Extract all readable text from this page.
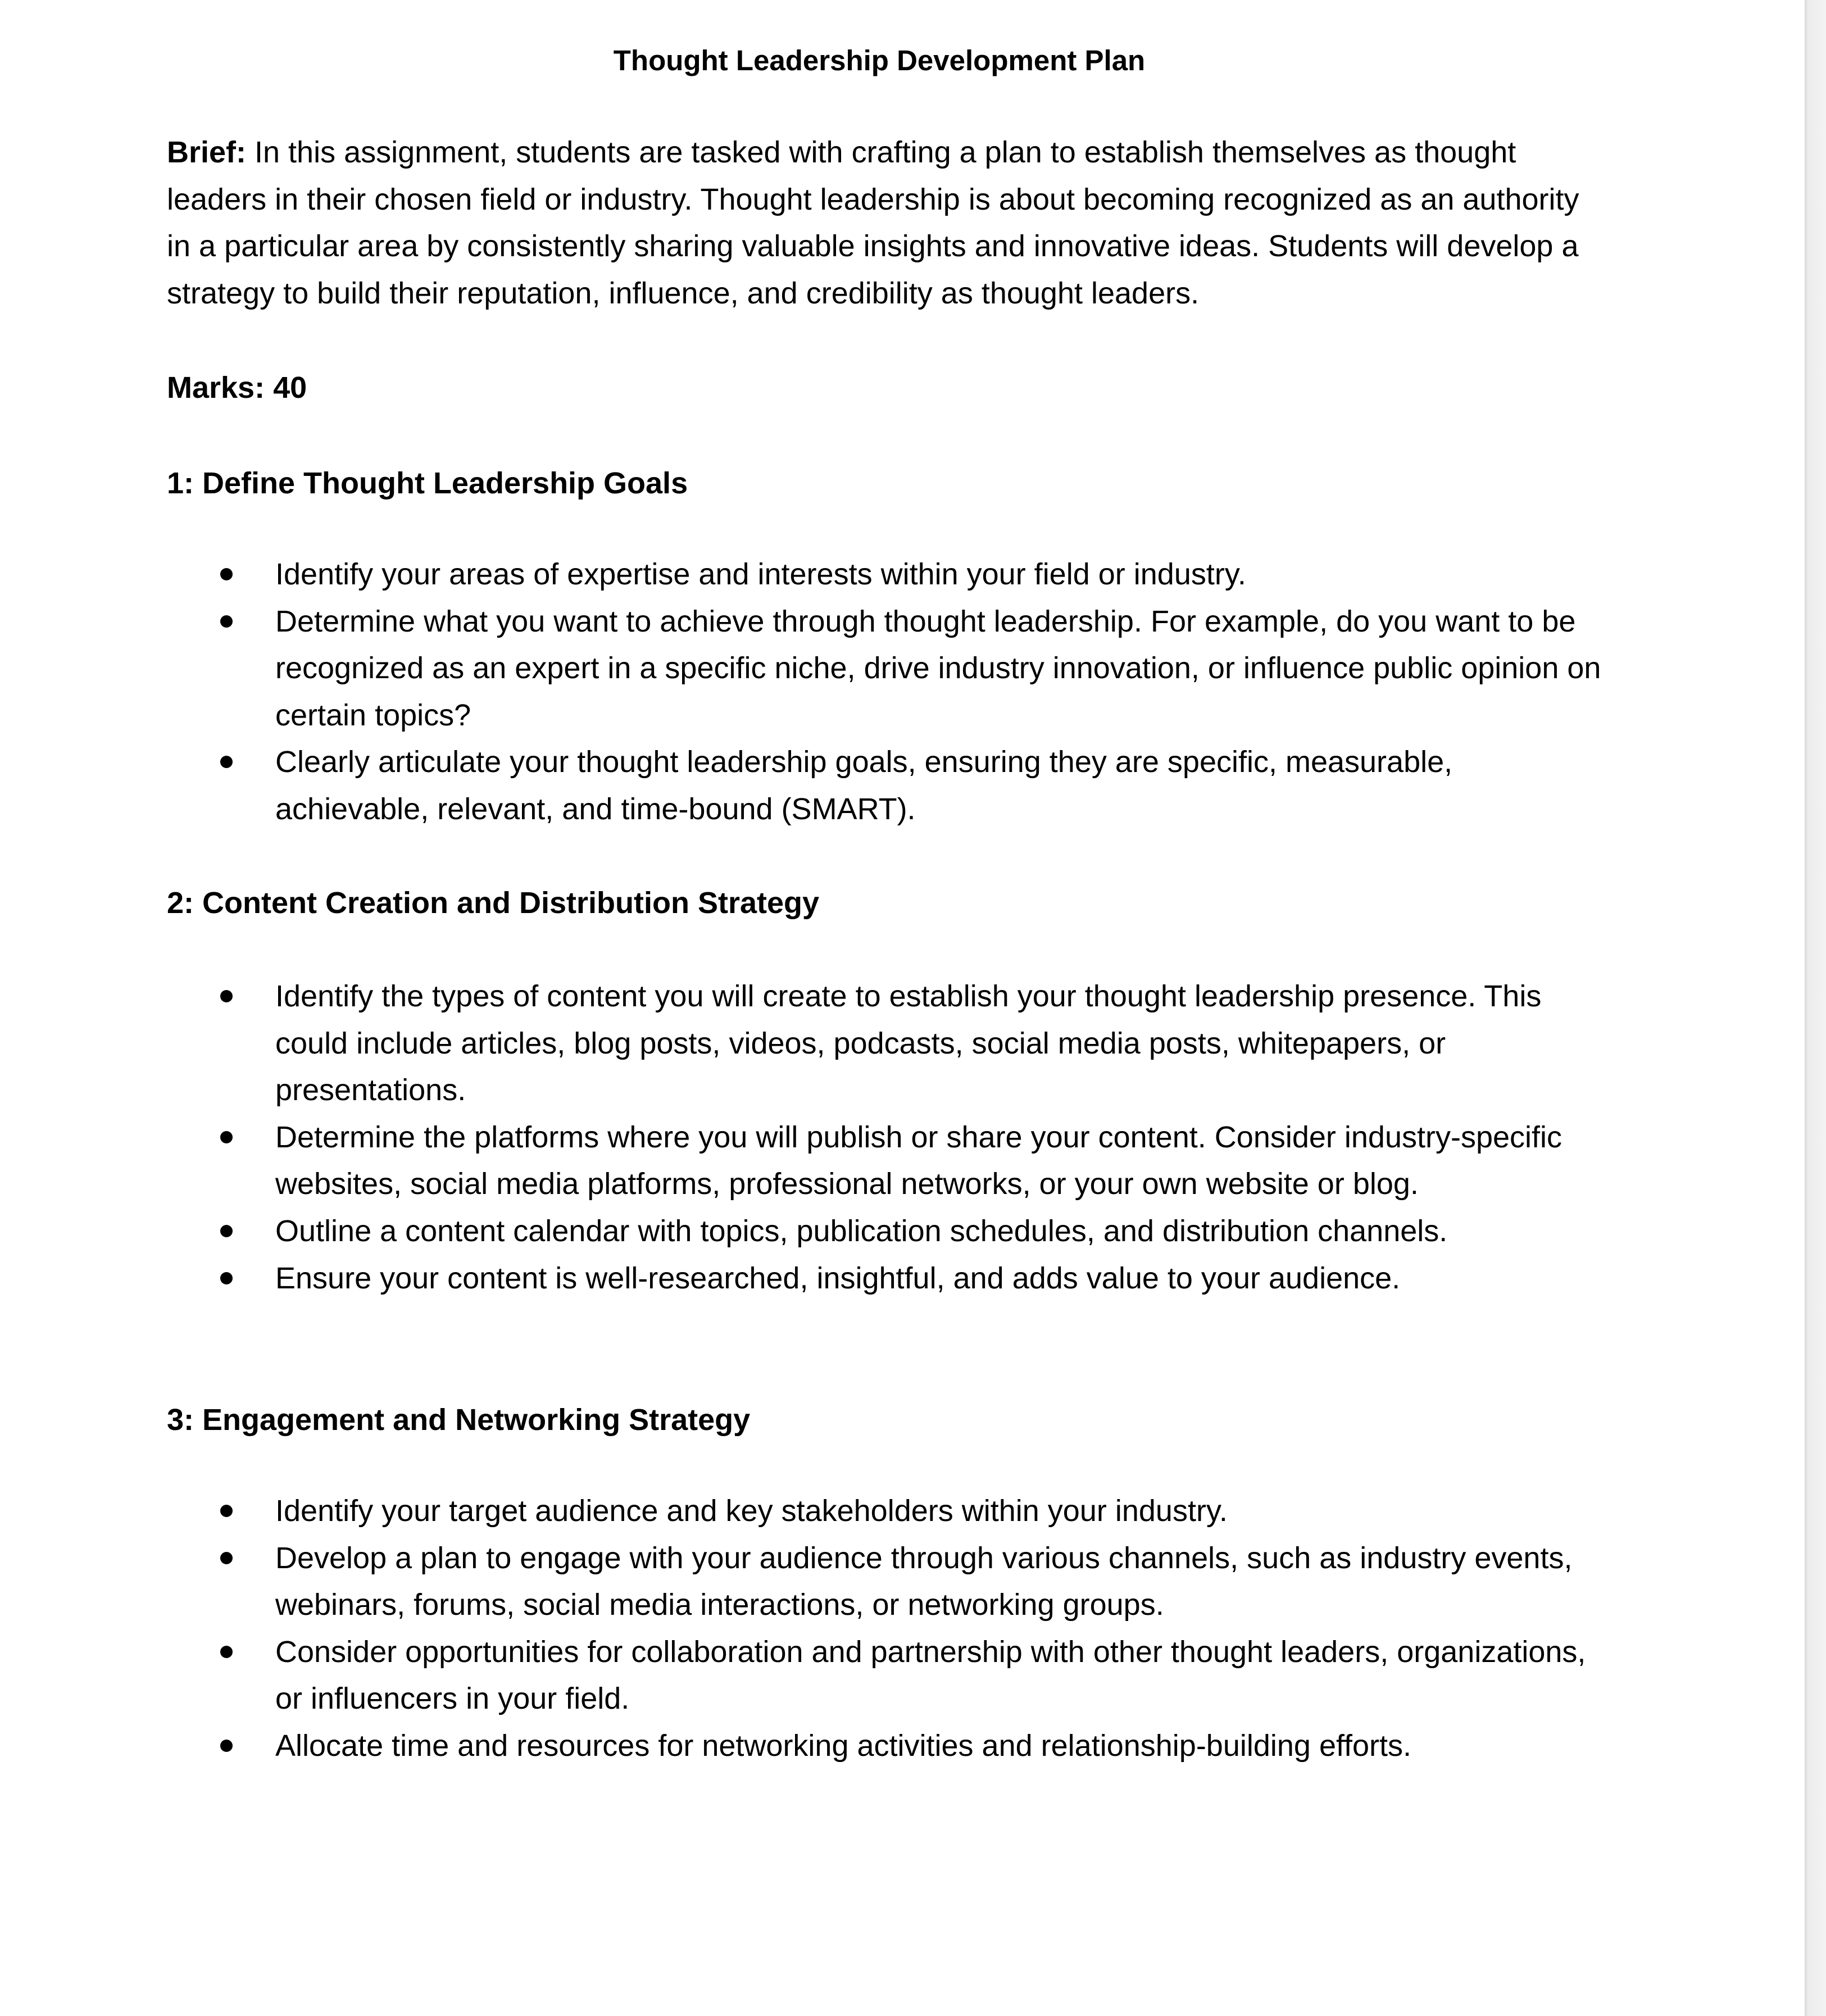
Thought Leadership Development Plan

Brief: In this assignment, students are tasked with crafting a plan to establish themselves as thought leaders in their chosen field or industry. Thought leadership is about becoming recognized as an authority in a particular area by consistently sharing valuable insights and innovative ideas. Students will develop a strategy to build their reputation, influence, and credibility as thought leaders.

Marks: 40

1: Define Thought Leadership Goals
Identify your areas of expertise and interests within your field or industry.
Determine what you want to achieve through thought leadership. For example, do you want to be recognized as an expert in a specific niche, drive industry innovation, or influence public opinion on certain topics?
Clearly articulate your thought leadership goals, ensuring they are specific, measurable, achievable, relevant, and time-bound (SMART).
2: Content Creation and Distribution Strategy
Identify the types of content you will create to establish your thought leadership presence. This could include articles, blog posts, videos, podcasts, social media posts, whitepapers, or presentations.
Determine the platforms where you will publish or share your content. Consider industry-specific websites, social media platforms, professional networks, or your own website or blog.
Outline a content calendar with topics, publication schedules, and distribution channels.
Ensure your content is well-researched, insightful, and adds value to your audience.
3: Engagement and Networking Strategy
Identify your target audience and key stakeholders within your industry.
Develop a plan to engage with your audience through various channels, such as industry events, webinars, forums, social media interactions, or networking groups.
Consider opportunities for collaboration and partnership with other thought leaders, organizations, or influencers in your field.
Allocate time and resources for networking activities and relationship-building efforts.
